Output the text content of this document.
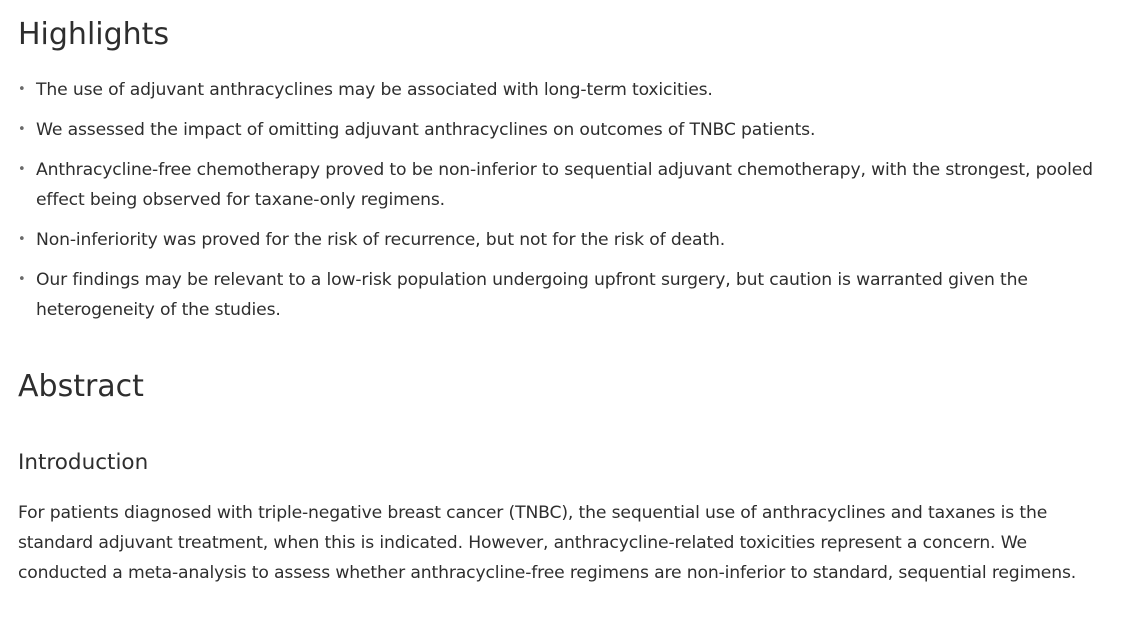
Highlights
• The use of adjuvant anthracyclines may be associated with long-term toxicities.
• We assessed the impact of omitting adjuvant anthracyclines on outcomes of TNBC patients.
• Anthracycline-free chemotherapy proved to be non-inferior to sequential adjuvant chemotherapy, with the strongest, pooled effect being observed for taxane-only regimens.
• Non-inferiority was proved for the risk of recurrence, but not for the risk of death.
• Our findings may be relevant to a low-risk population undergoing upfront surgery, but caution is warranted given the heterogeneity of the studies.
Abstract
Introduction

For patients diagnosed with triple-negative breast cancer (TNBC), the sequential use of anthracyclines and taxanes is the standard adjuvant treatment, when this is indicated. However, anthracycline-related toxicities represent a concern. We conducted a meta-analysis to assess whether anthracycline-free regimens are non-inferior to standard, sequential regimens.
